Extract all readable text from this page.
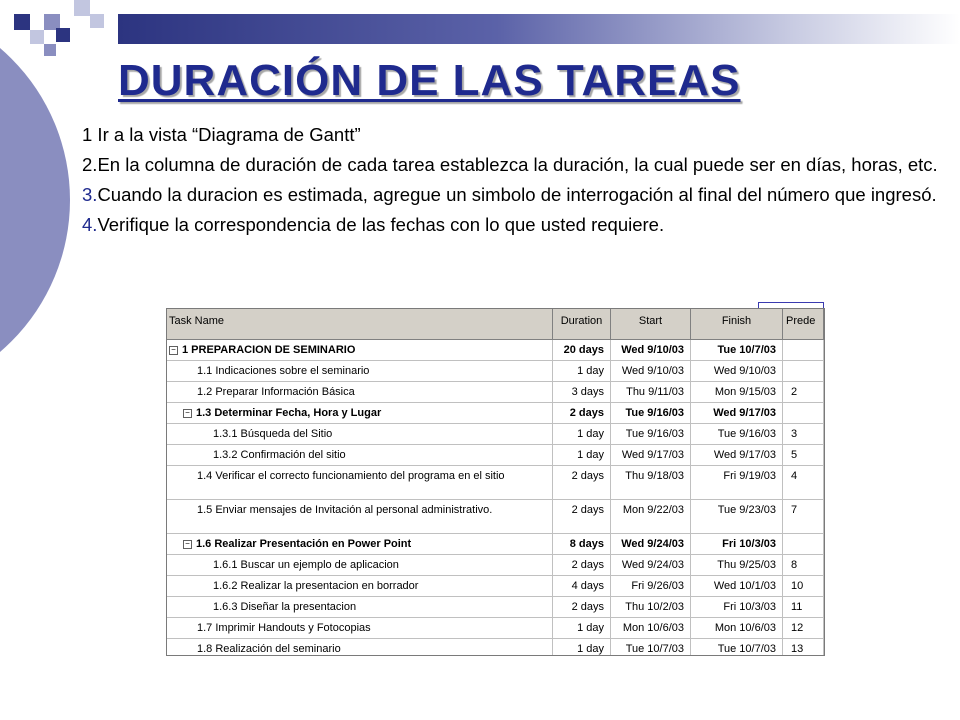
DURACIÓN DE LAS TAREAS

1 Ir a la vista “Diagrama de Gantt”

2.En la columna de duración de cada tarea establezca la duración, la cual puede ser en días, horas, etc.

3.Cuando la duracion es estimada, agregue un simbolo de interrogación al final del número que ingresó.

4.Verifique la correspondencia de las fechas con lo que usted requiere.

Task Name	Duration	Start	Finish	Prede
− 1 PREPARACION DE SEMINARIO	20 days	Wed 9/10/03	Tue 10/7/03
1.1 Indicaciones sobre el seminario	1 day	Wed 9/10/03	Wed 9/10/03
1.2 Preparar Información Básica	3 days	Thu 9/11/03	Mon 9/15/03	2
− 1.3 Determinar Fecha, Hora y Lugar	2 days	Tue 9/16/03	Wed 9/17/03
1.3.1 Búsqueda del Sitio	1 day	Tue 9/16/03	Tue 9/16/03	3
1.3.2 Confirmación del sitio	1 day	Wed 9/17/03	Wed 9/17/03	5
1.4 Verificar el correcto funcionamiento del programa en el sitio	2 days	Thu 9/18/03	Fri 9/19/03	4
1.5 Enviar mensajes de Invitación al personal administrativo.	2 days	Mon 9/22/03	Tue 9/23/03	7
− 1.6 Realizar Presentación en Power Point	8 days	Wed 9/24/03	Fri 10/3/03
1.6.1 Buscar un ejemplo de aplicacion	2 days	Wed 9/24/03	Thu 9/25/03	8
1.6.2 Realizar la presentacion en borrador	4 days	Fri 9/26/03	Wed 10/1/03	10
1.6.3 Diseñar la presentacion	2 days	Thu 10/2/03	Fri 10/3/03	11
1.7 Imprimir Handouts y Fotocopias	1 day	Mon 10/6/03	Mon 10/6/03	12
1.8 Realización del seminario	1 day	Tue 10/7/03	Tue 10/7/03	13
